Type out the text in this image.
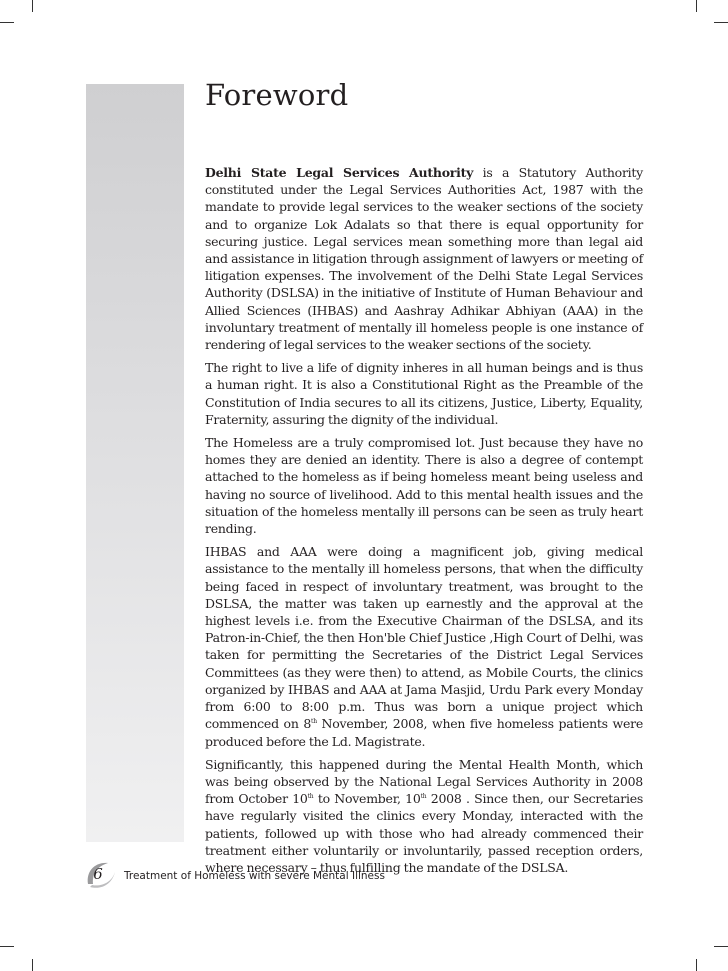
Foreword

Delhi State Legal Services Authority is a Statutory Authority constituted under the Legal Services Authorities Act, 1987 with the mandate to provide legal services to the weaker sections of the society and to organize Lok Adalats so that there is equal opportunity for securing justice. Legal services mean something more than legal aid and assistance in litigation through assignment of lawyers or meeting of litigation expenses. The involvement of the Delhi State Legal Services Authority (DSLSA) in the initiative of Institute of Human Behaviour and Allied Sciences (IHBAS) and Aashray Adhikar Abhiyan (AAA) in the involuntary treatment of mentally ill homeless people is one instance of rendering of legal services to the weaker sections of the society.

The right to live a life of dignity inheres in all human beings and is thus a human right. It is also a Constitutional Right as the Preamble of the Constitution of India secures to all its citizens, Justice, Liberty, Equality, Fraternity, assuring the dignity of the individual.

The Homeless are a truly compromised lot. Just because they have no homes they are denied an identity. There is also a degree of contempt attached to the homeless as if being homeless meant being useless and having no source of livelihood. Add to this mental health issues and the situation of the homeless mentally ill persons can be seen as truly heart rending.

IHBAS and AAA were doing a magnificent job, giving medical assistance to the mentally ill homeless persons, that when the difficulty being faced in respect of involuntary treatment, was brought to the DSLSA, the matter was taken up earnestly and the approval at the highest levels i.e. from the Executive Chairman of the DSLSA, and its Patron-in-Chief, the then Hon'ble Chief Justice ,High Court of Delhi, was taken for permitting the Secretaries of the District Legal Services Committees (as they were then) to attend, as Mobile Courts, the clinics organized by IHBAS and AAA at Jama Masjid, Urdu Park every Monday from 6:00 to 8:00 p.m. Thus was born a unique project which commenced on 8th November, 2008, when five homeless patients were produced before the Ld. Magistrate.

Significantly, this happened during the Mental Health Month, which was being observed by the National Legal Services Authority in 2008 from October 10th to November, 10th 2008 . Since then, our Secretaries have regularly visited the clinics every Monday, interacted with the patients, followed up with those who had already commenced their treatment either voluntarily or involuntarily, passed reception orders, where necessary – thus fulfilling the mandate of the DSLSA.

6	Treatment of Homeless with severe Mental Illness
